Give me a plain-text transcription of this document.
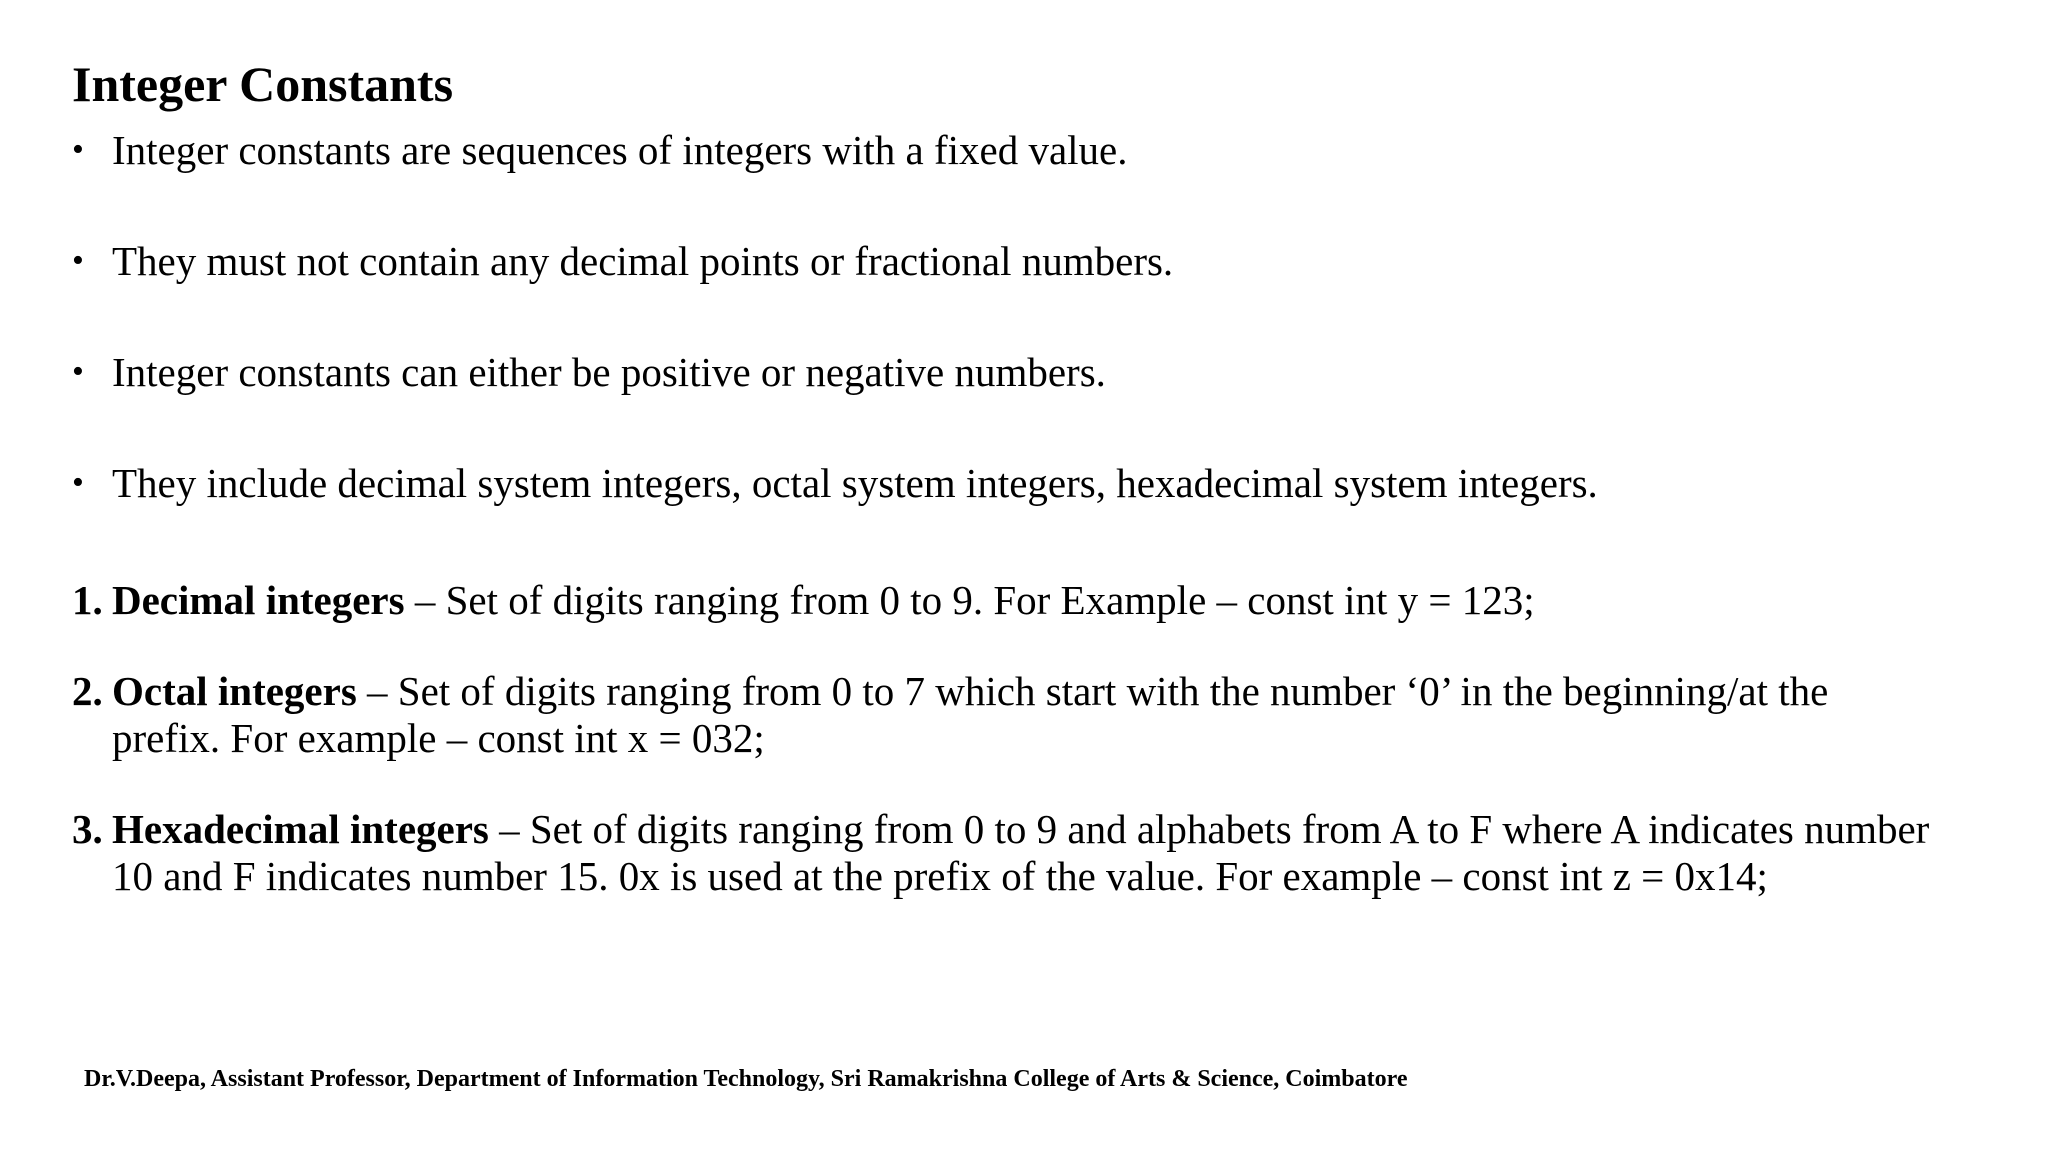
Integer Constants
• Integer constants are sequences of integers with a fixed value.
• They must not contain any decimal points or fractional numbers.
• Integer constants can either be positive or negative numbers.
• They include decimal system integers, octal system integers, hexadecimal system integers.
1. Decimal integers – Set of digits ranging from 0 to 9. For Example – const int y = 123;
2. Octal integers – Set of digits ranging from 0 to 7 which start with the number ‘0’ in the beginning/at the prefix. For example – const int x = 032;
3. Hexadecimal integers – Set of digits ranging from 0 to 9 and alphabets from A to F where A indicates number 10 and F indicates number 15. 0x is used at the prefix of the value. For example – const int z = 0x14;
Dr.V.Deepa, Assistant Professor, Department of Information Technology, Sri Ramakrishna College of Arts & Science, Coimbatore
